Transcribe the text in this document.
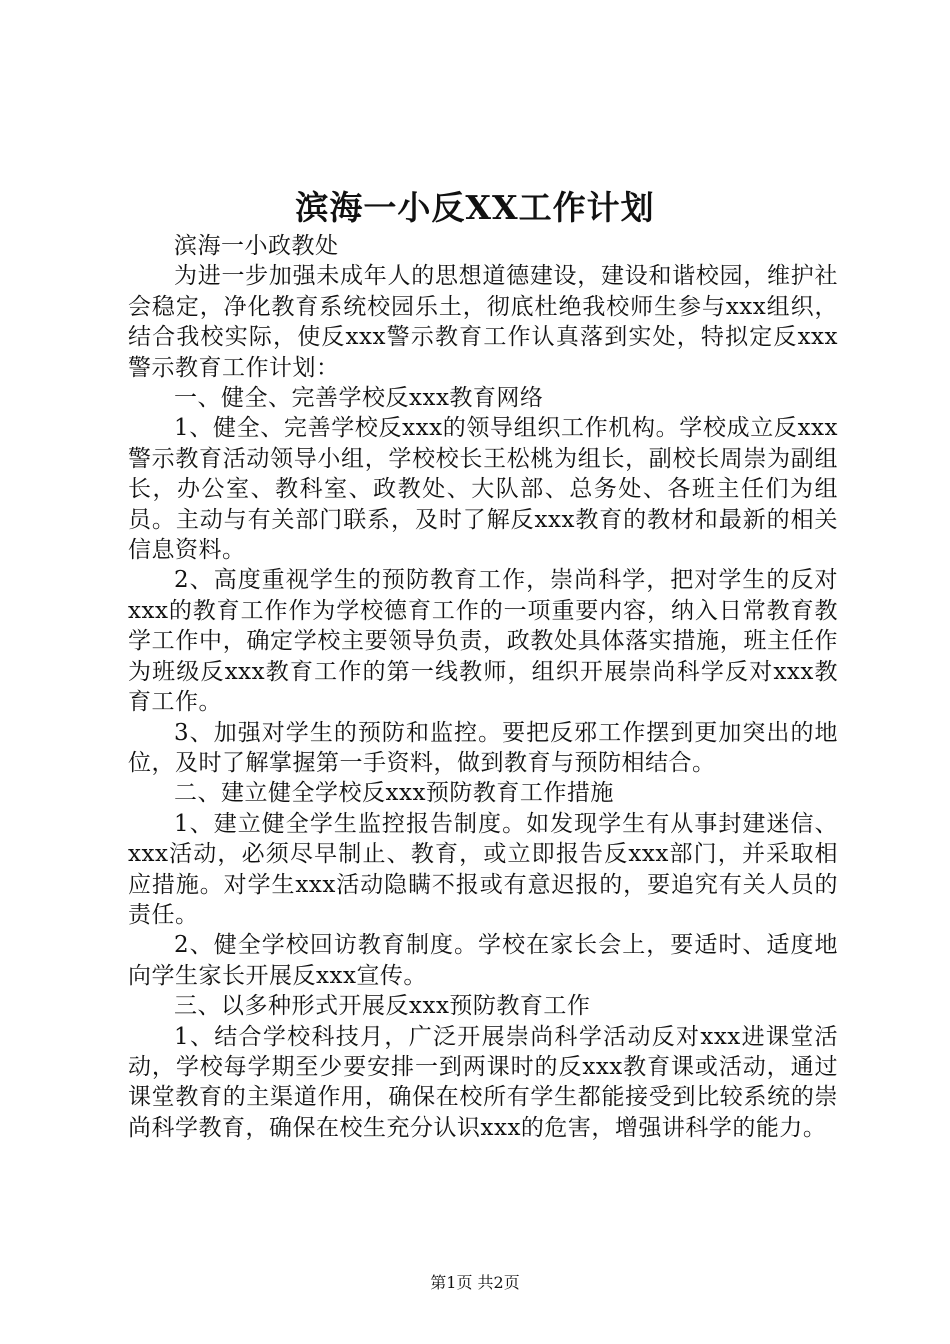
滨海一小反XX工作计划

滨海一小政教处

为进一步加强未成年人的思想道德建设，建设和谐校园，维护社会稳定，净化教育系统校园乐土，彻底杜绝我校师生参与xxx组织，结合我校实际，使反xxx警示教育工作认真落到实处，特拟定反xxx警示教育工作计划：

一、健全、完善学校反xxx教育网络

1、健全、完善学校反xxx的领导组织工作机构。学校成立反xxx警示教育活动领导小组，学校校长王松桃为组长，副校长周崇为副组长，办公室、教科室、政教处、大队部、总务处、各班主任们为组员。主动与有关部门联系，及时了解反xxx教育的教材和最新的相关信息资料。

2、高度重视学生的预防教育工作，崇尚科学，把对学生的反对xxx的教育工作作为学校德育工作的一项重要内容，纳入日常教育教学工作中，确定学校主要领导负责，政教处具体落实措施，班主任作为班级反xxx教育工作的第一线教师，组织开展崇尚科学反对xxx教育工作。

3、加强对学生的预防和监控。要把反邪工作摆到更加突出的地位，及时了解掌握第一手资料，做到教育与预防相结合。

二、建立健全学校反xxx预防教育工作措施

1、建立健全学生监控报告制度。如发现学生有从事封建迷信、xxx活动，必须尽早制止、教育，或立即报告反xxx部门，并采取相应措施。对学生xxx活动隐瞒不报或有意迟报的，要追究有关人员的责任。

2、健全学校回访教育制度。学校在家长会上，要适时、适度地向学生家长开展反xxx宣传。

三、以多种形式开展反xxx预防教育工作

1、结合学校科技月，广泛开展崇尚科学活动反对xxx进课堂活动，学校每学期至少要安排一到两课时的反xxx教育课或活动，通过课堂教育的主渠道作用，确保在校所有学生都能接受到比较系统的崇尚科学教育，确保在校生充分认识xxx的危害，增强讲科学的能力。

第1页 共2页
